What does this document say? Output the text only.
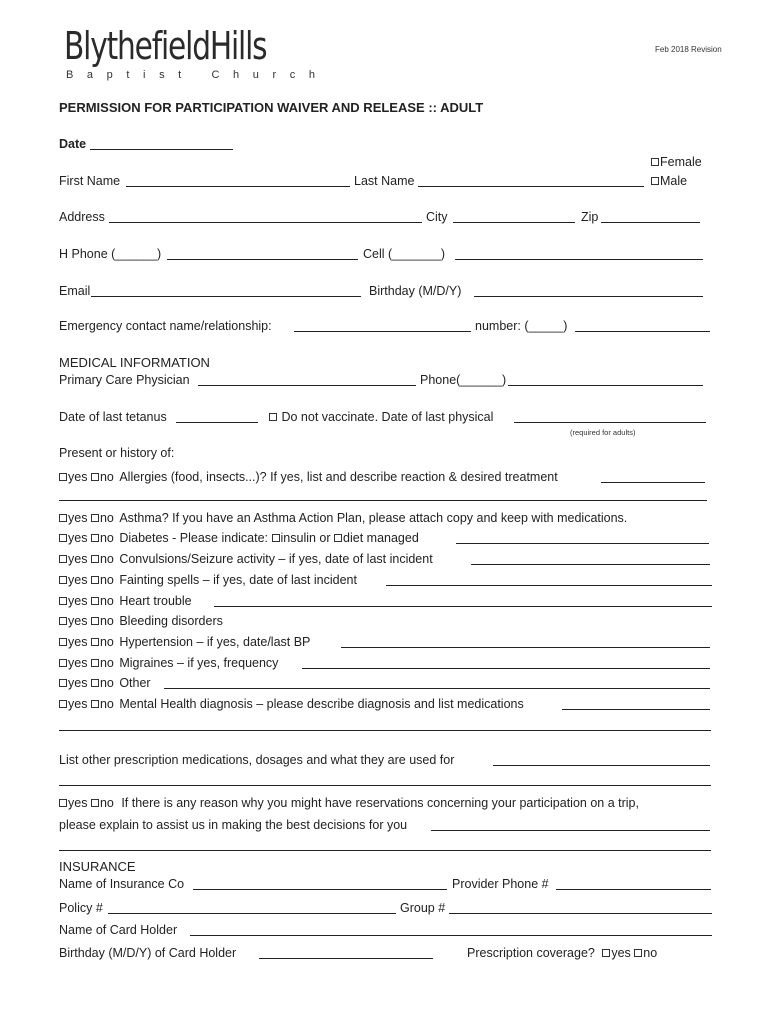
BlythefieldHills
Baptist Church
Feb 2018 Revision
PERMISSION FOR PARTICIPATION WAIVER AND RELEASE :: ADULT
Date
Female
Male
First Name	Last Name
Address	City	Zip
H Phone (______)	Cell (_______)
Email	Birthday (M/D/Y)
Emergency contact name/relationship:	number: (_____)
MEDICAL INFORMATION
Primary Care Physician	Phone(______)
Date of last tetanus	Do not vaccinate. Date of last physical
(required for adults)
Present or history of:
yes no Allergies (food, insects...)? If yes, list and describe reaction & desired treatment
yes no Asthma? If you have an Asthma Action Plan, please attach copy and keep with medications.
yes no Diabetes - Please indicate: insulin or diet managed
yes no Convulsions/Seizure activity – if yes, date of last incident
yes no Fainting spells – if yes, date of last incident
yes no Heart trouble
yes no Bleeding disorders
yes no Hypertension – if yes, date/last BP
yes no Migraines – if yes, frequency
yes no Other
yes no Mental Health diagnosis – please describe diagnosis and list medications
List other prescription medications, dosages and what they are used for
yes no If there is any reason why you might have reservations concerning your participation on a trip,
please explain to assist us in making the best decisions for you
INSURANCE
Name of Insurance Co	Provider Phone #
Policy #	Group #
Name of Card Holder
Birthday (M/D/Y) of Card Holder	Prescription coverage? yes no
